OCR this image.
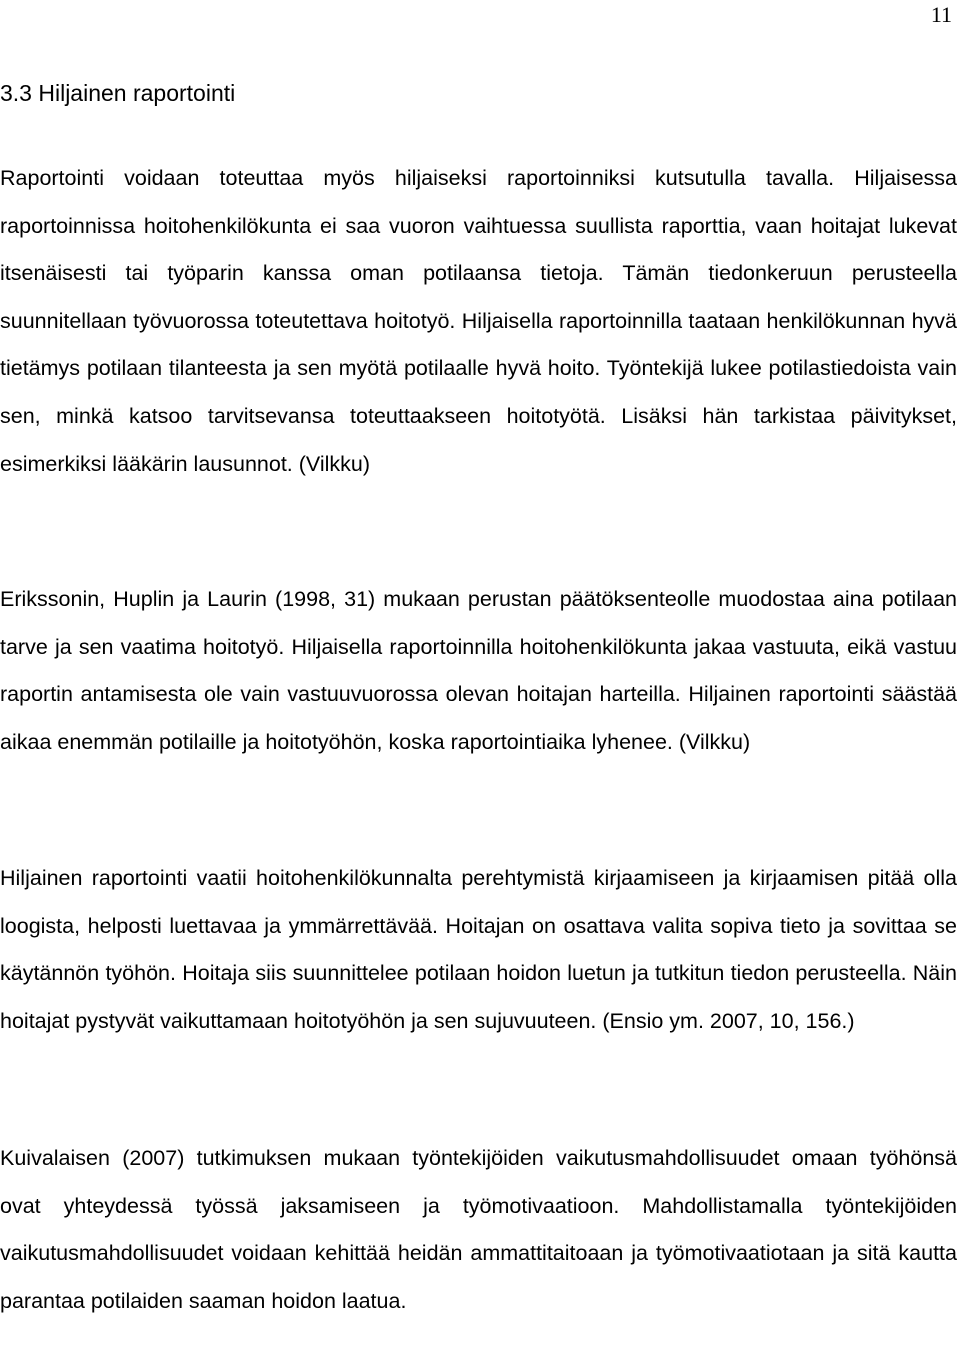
11
3.3 Hiljainen raportointi

Raportointi voidaan toteuttaa myös hiljaiseksi raportoinniksi kutsutulla tavalla. Hiljaisessa raportoinnissa hoitohenkilökunta ei saa vuoron vaihtuessa suullista raporttia, vaan hoitajat lukevat itsenäisesti tai työparin kanssa oman potilaansa tietoja. Tämän tiedonkeruun perusteella suunnitellaan työvuorossa toteutettava hoitotyö. Hiljaisella raportoinnilla taataan henkilökunnan hyvä tietämys potilaan tilanteesta ja sen myötä potilaalle hyvä hoito. Työntekijä lukee potilastiedoista vain sen, minkä katsoo tarvitsevansa toteuttaakseen hoitotyötä. Lisäksi hän tarkistaa päivitykset, esimerkiksi lääkärin lausunnot. (Vilkku)

Erikssonin, Huplin ja Laurin (1998, 31) mukaan perustan päätöksenteolle muodostaa aina potilaan tarve ja sen vaatima hoitotyö. Hiljaisella raportoinnilla hoitohenkilökunta jakaa vastuuta, eikä vastuu raportin antamisesta ole vain vastuuvuorossa olevan hoitajan harteilla. Hiljainen raportointi säästää aikaa enemmän potilaille ja hoitotyöhön, koska raportointiaika lyhenee. (Vilkku)

Hiljainen raportointi vaatii hoitohenkilökunnalta perehtymistä kirjaamiseen ja kirjaamisen pitää olla loogista, helposti luettavaa ja ymmärrettävää. Hoitajan on osattava valita sopiva tieto ja sovittaa se käytännön työhön. Hoitaja siis suunnittelee potilaan hoidon luetun ja tutkitun tiedon perusteella. Näin hoitajat pystyvät vaikuttamaan hoitotyöhön ja sen sujuvuuteen. (Ensio ym. 2007, 10, 156.)

Kuivalaisen (2007) tutkimuksen mukaan työntekijöiden vaikutusmahdollisuudet omaan työhönsä ovat yhteydessä työssä jaksamiseen ja työmotivaatioon. Mahdollistamalla työntekijöiden vaikutusmahdollisuudet voidaan kehittää heidän ammattitaitoaan ja työmotivaatiotaan ja sitä kautta parantaa potilaiden saaman hoidon laatua.
